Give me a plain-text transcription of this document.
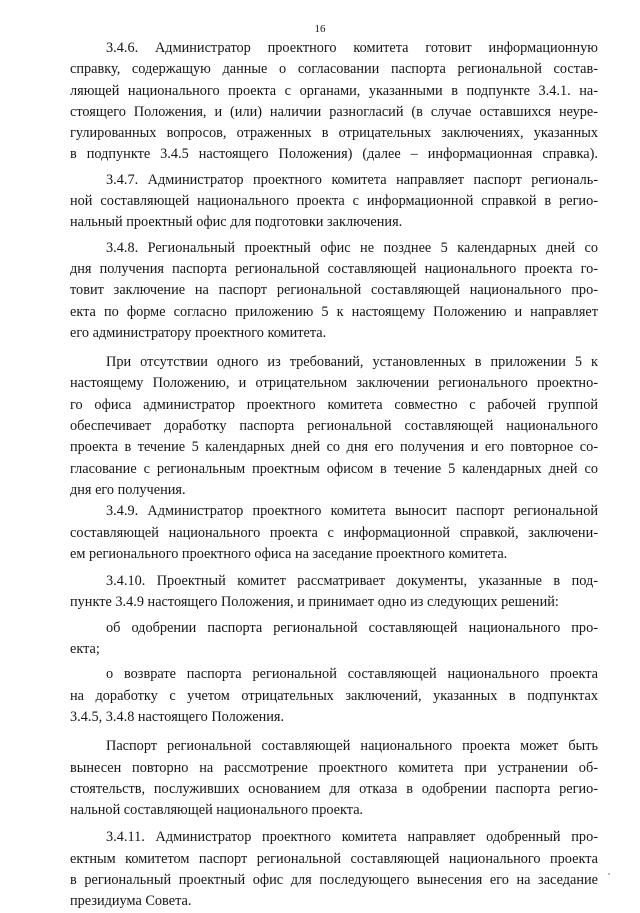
16

3.4.6. Администратор проектного комитета готовит информационную
справку, содержащую данные о согласовании паспорта региональной состав-
ляющей национального проекта с органами, указанными в подпункте 3.4.1. на-
стоящего Положения, и (или) наличии разногласий (в случае оставшихся неуре-
гулированных вопросов, отраженных в отрицательных заключениях, указанных
в подпункте 3.4.5 настоящего Положения) (далее – информационная справка).

3.4.7. Администратор проектного комитета направляет паспорт региональ-
ной составляющей национального проекта с информационной справкой в регио-
нальный проектный офис для подготовки заключения.

3.4.8. Региональный проектный офис не позднее 5 календарных дней со
дня получения паспорта региональной составляющей национального проекта го-
товит заключение на паспорт региональной составляющей национального про-
екта по форме согласно приложению 5 к настоящему Положению и направляет
его администратору проектного комитета.

При отсутствии одного из требований, установленных в приложении 5 к
настоящему Положению, и отрицательном заключении регионального проектно-
го офиса администратор проектного комитета совместно с рабочей группой
обеспечивает доработку паспорта региональной составляющей национального
проекта в течение 5 календарных дней со дня его получения и его повторное со-
гласование с региональным проектным офисом в течение 5 календарных дней со
дня его получения.

3.4.9. Администратор проектного комитета выносит паспорт региональной
составляющей национального проекта с информационной справкой, заключени-
ем регионального проектного офиса на заседание проектного комитета.

3.4.10. Проектный комитет рассматривает документы, указанные в под-
пункте 3.4.9 настоящего Положения, и принимает одно из следующих решений:

об одобрении паспорта региональной составляющей национального про-
екта;

о возврате паспорта региональной составляющей национального проекта
на доработку с учетом отрицательных заключений, указанных в подпунктах
3.4.5, 3.4.8 настоящего Положения.

Паспорт региональной составляющей национального проекта может быть
вынесен повторно на рассмотрение проектного комитета при устранении об-
стоятельств, послуживших основанием для отказа в одобрении паспорта регио-
нальной составляющей национального проекта.

3.4.11. Администратор проектного комитета направляет одобренный про-
ектным комитетом паспорт региональной составляющей национального проекта
в региональный проектный офис для последующего вынесения его на заседание
президиума Совета.
